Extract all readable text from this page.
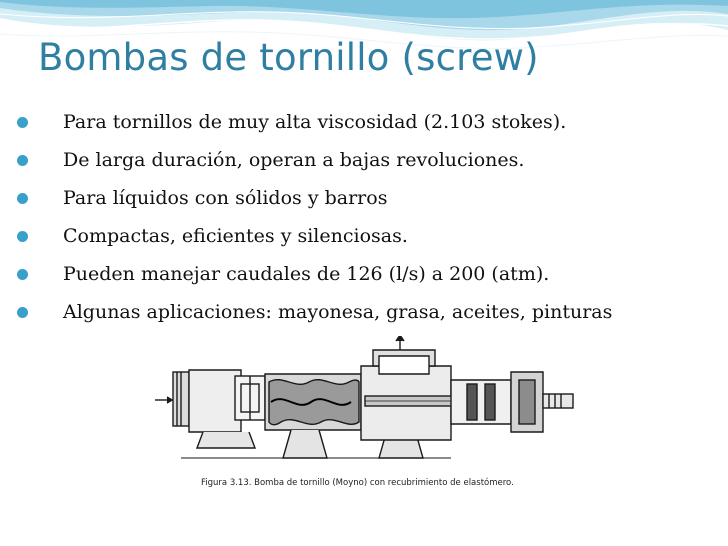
Bombas de tornillo (screw)
Para tornillos de muy alta viscosidad (2.103 stokes).
De larga duración, operan a bajas revoluciones.
Para líquidos con sólidos y barros
Compactas, eficientes y silenciosas.
Pueden manejar caudales de 126 (l/s) a 200 (atm).
Algunas aplicaciones: mayonesa, grasa, aceites, pinturas
Figura 3.13. Bomba de tornillo (Moyno) con recubrimiento de elastómero.
